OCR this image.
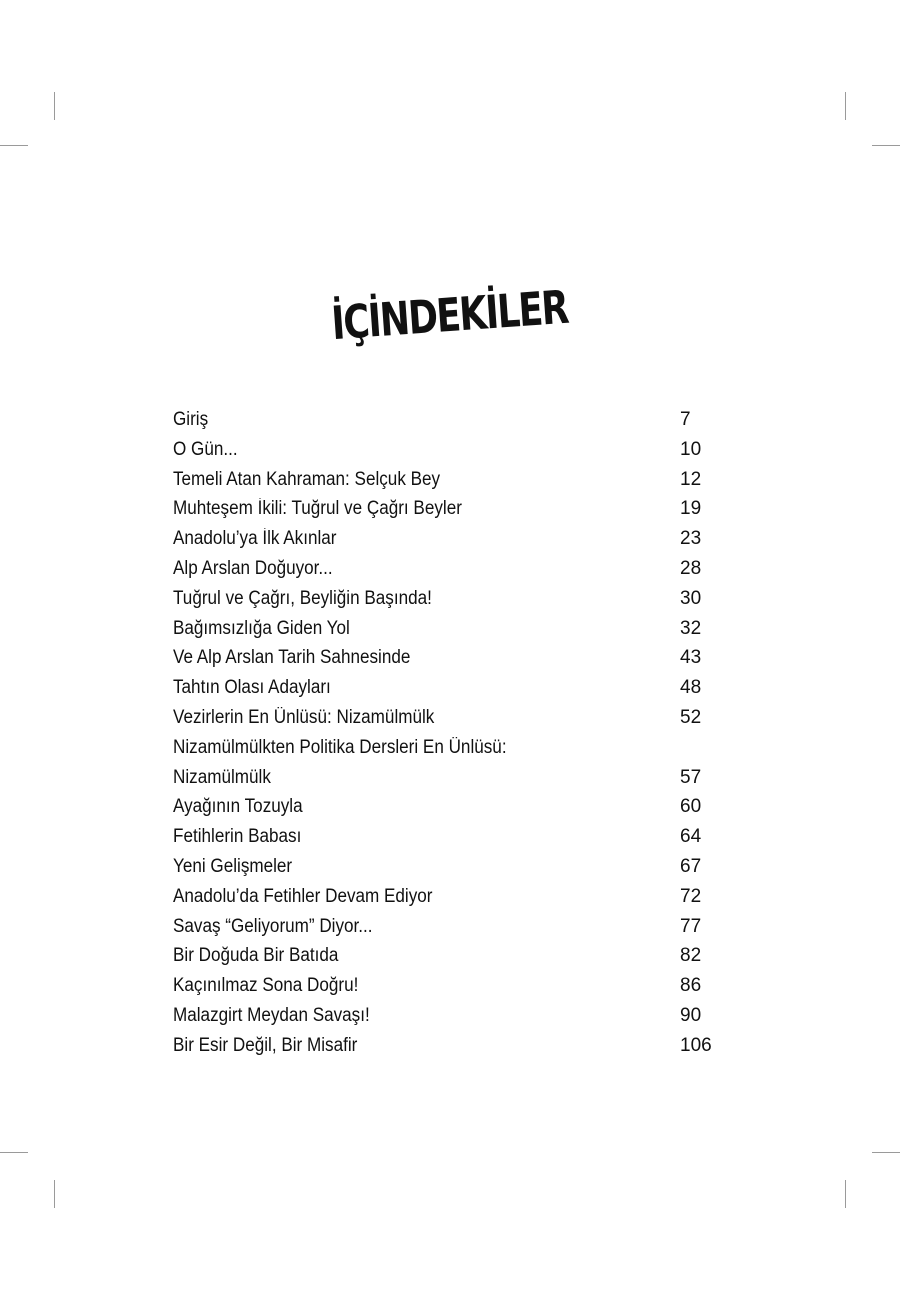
İÇİNDEKİLER
Giriş	7
O Gün...	10
Temeli Atan Kahraman: Selçuk Bey	12
Muhteşem İkili: Tuğrul ve Çağrı Beyler	19
Anadolu’ya İlk Akınlar	23
Alp Arslan Doğuyor...	28
Tuğrul ve Çağrı, Beyliğin Başında!	30
Bağımsızlığa Giden Yol	32
Ve Alp Arslan Tarih Sahnesinde	43
Tahtın Olası Adayları	48
Vezirlerin En Ünlüsü: Nizamülmülk	52
Nizamülmülkten Politika Dersleri En Ünlüsü:
Nizamülmülk	57
Ayağının Tozuyla	60
Fetihlerin Babası	64
Yeni Gelişmeler	67
Anadolu’da Fetihler Devam Ediyor	72
Savaş “Geliyorum” Diyor...	77
Bir Doğuda Bir Batıda	82
Kaçınılmaz Sona Doğru!	86
Malazgirt Meydan Savaşı!	90
Bir Esir Değil, Bir Misafir	106
